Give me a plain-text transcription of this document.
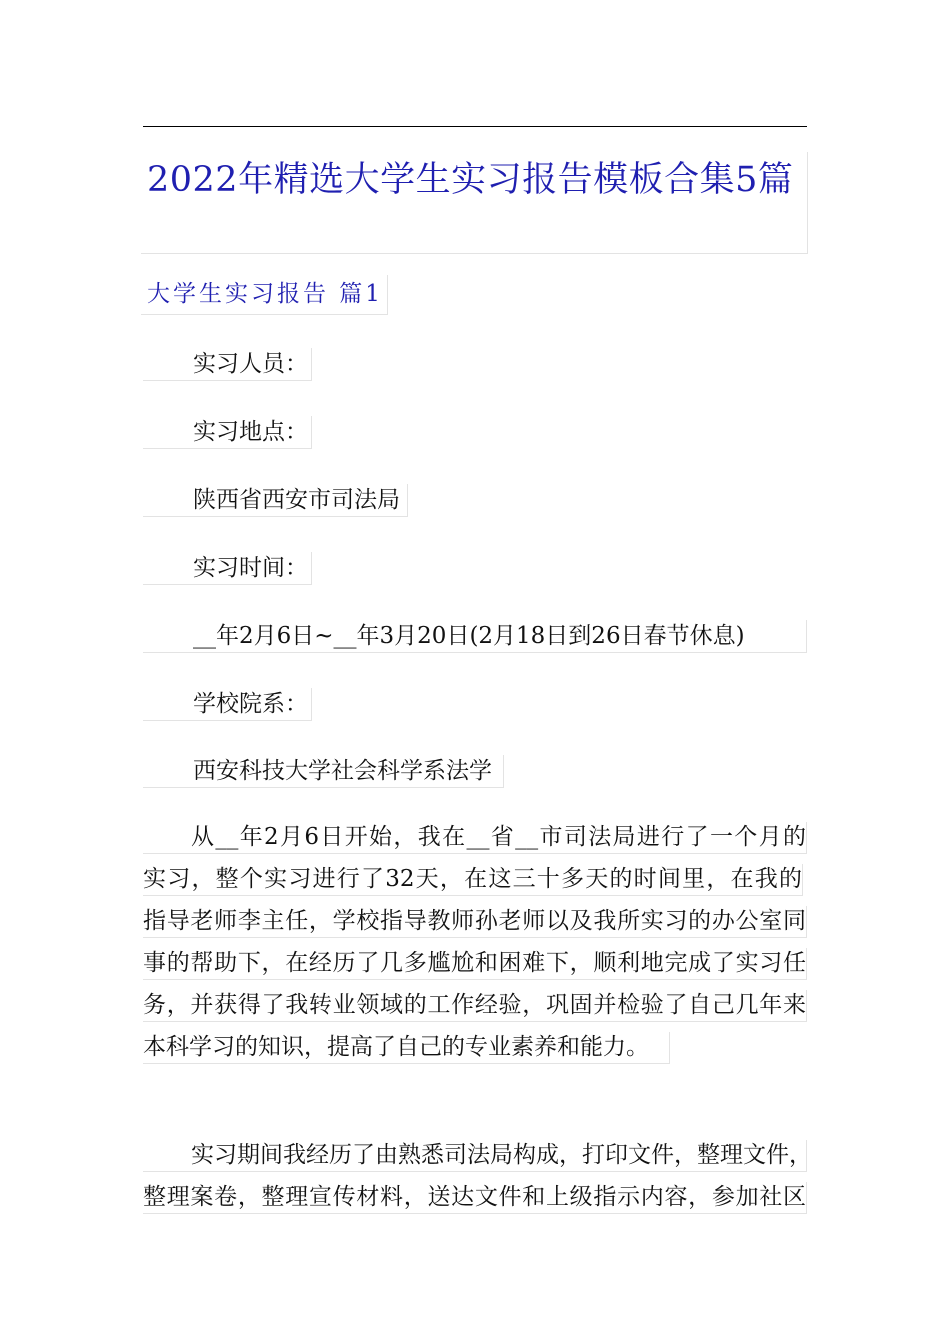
2022年精选大学生实习报告模板合集5篇
大学生实习报告 篇1
实习人员：
实习地点：
陕西省西安市司法局
实习时间：
__年2月6日~__年3月20日(2月18日到26日春节休息)
学校院系：
西安科技大学社会科学系法学
从__年2月6日开始，我在__省__市司法局进行了一个月的
实习，整个实习进行了32天，在这三十多天的时间里，在我的
指导老师李主任，学校指导教师孙老师以及我所实习的办公室同
事的帮助下，在经历了几多尴尬和困难下，顺利地完成了实习任
务，并获得了我转业领域的工作经验，巩固并检验了自己几年来
本科学习的知识，提高了自己的专业素养和能力。
实习期间我经历了由熟悉司法局构成，打印文件，整理文件，
整理案卷，整理宣传材料，送达文件和上级指示内容，参加社区
